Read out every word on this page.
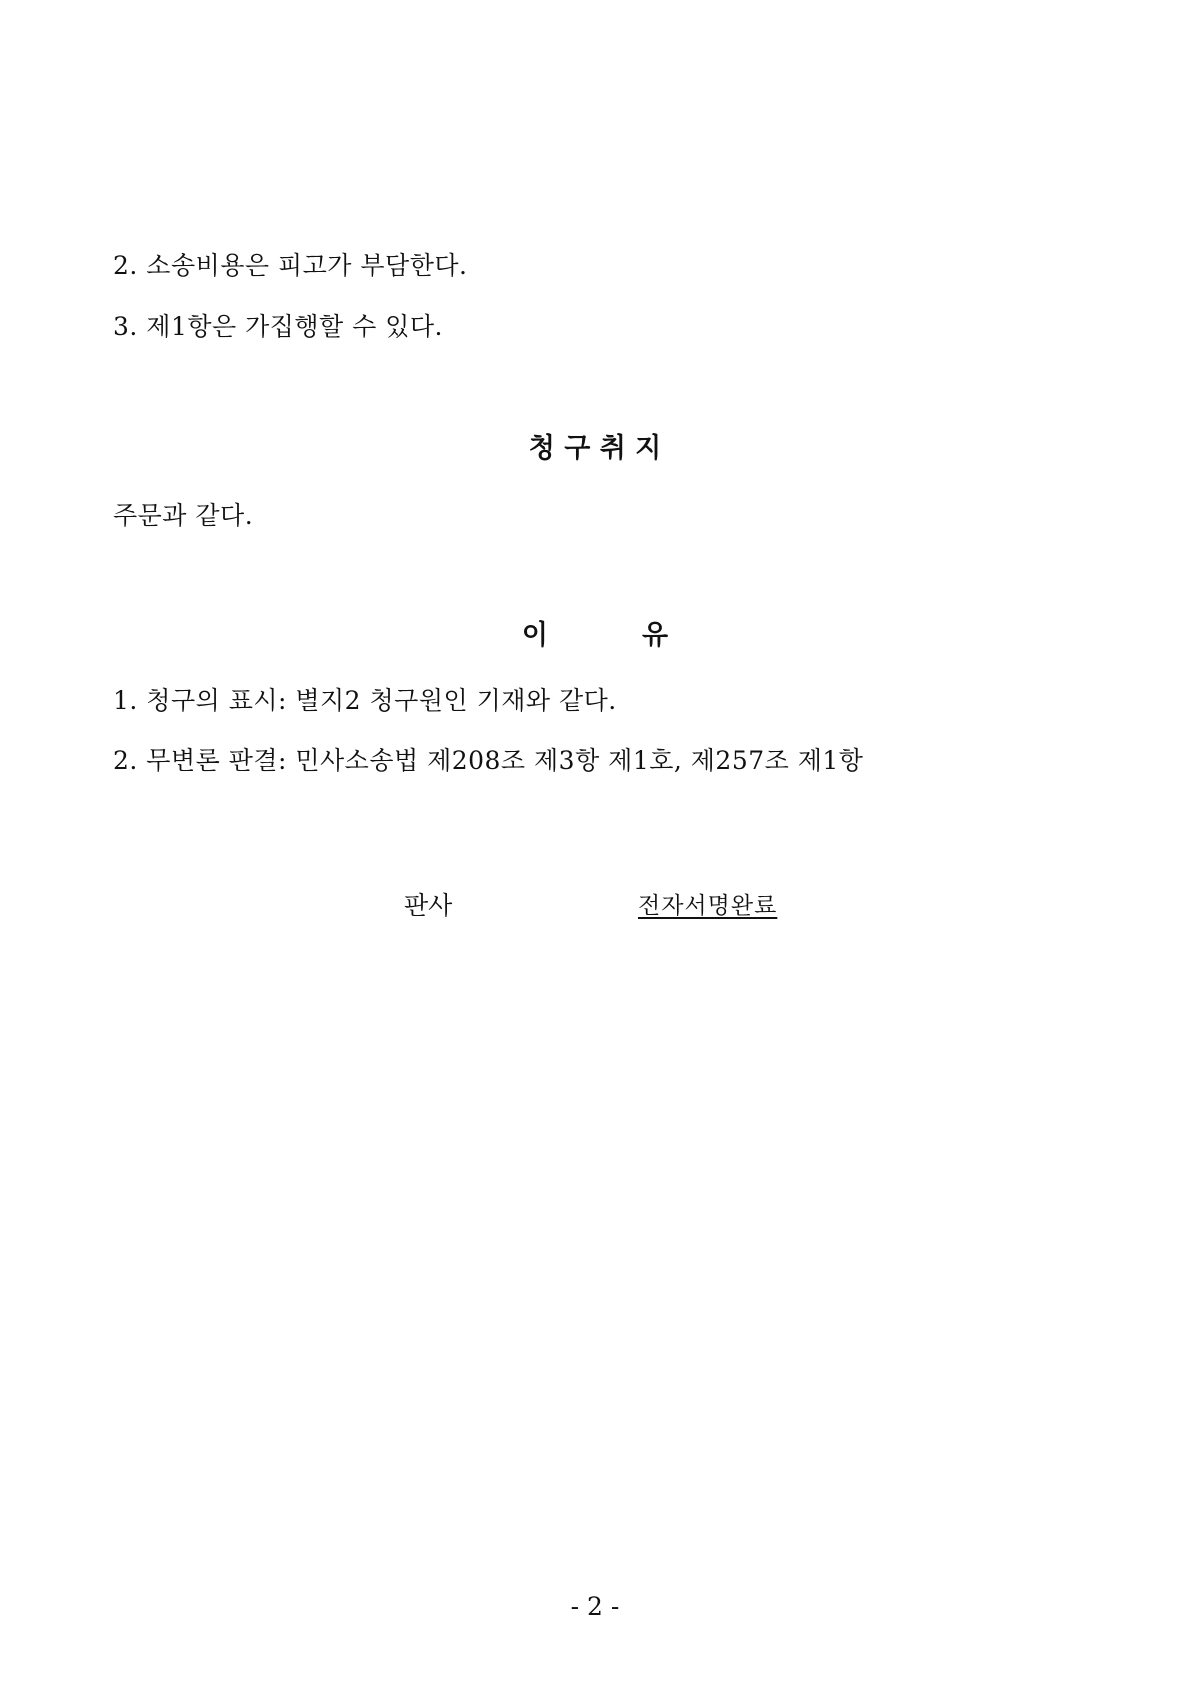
2. 소송비용은 피고가 부담한다.
3. 제1항은 가집행할 수 있다.
청 구 취 지
주문과 같다.
이          유
1. 청구의 표시: 별지2 청구원인 기재와 같다.
2. 무변론 판결: 민사소송법 제208조 제3항 제1호, 제257조 제1항
판사	전자서명완료
- 2 -
